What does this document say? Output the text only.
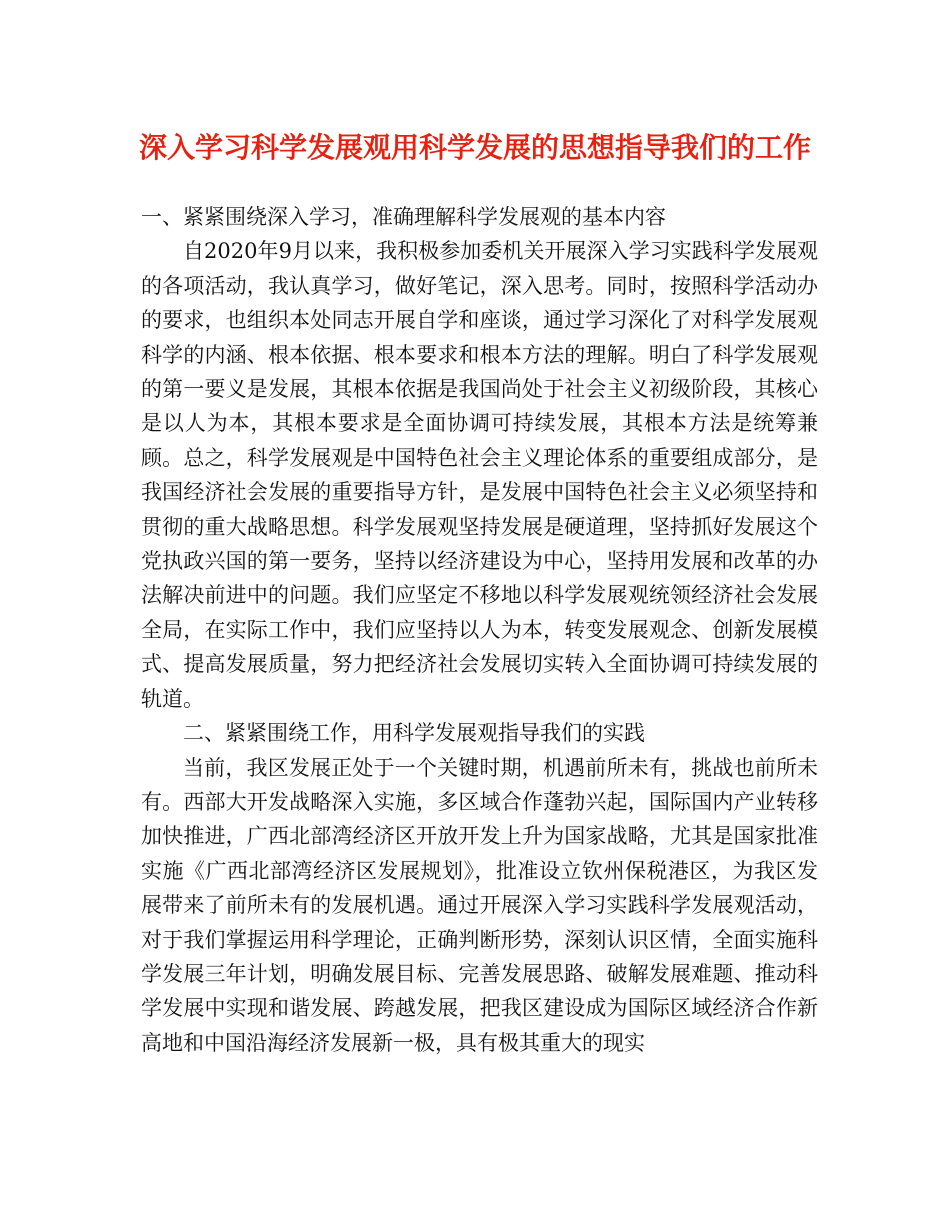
深入学习科学发展观用科学发展的思想指导我们的工作

一、紧紧围绕深入学习，准确理解科学发展观的基本内容

自2020年9月以来，我积极参加委机关开展深入学习实践科学发展观的各项活动，我认真学习，做好笔记，深入思考。同时，按照科学活动办的要求，也组织本处同志开展自学和座谈，通过学习深化了对科学发展观科学的内涵、根本依据、根本要求和根本方法的理解。明白了科学发展观的第一要义是发展，其根本依据是我国尚处于社会主义初级阶段，其核心是以人为本，其根本要求是全面协调可持续发展，其根本方法是统筹兼顾。总之，科学发展观是中国特色社会主义理论体系的重要组成部分，是我国经济社会发展的重要指导方针，是发展中国特色社会主义必须坚持和贯彻的重大战略思想。科学发展观坚持发展是硬道理，坚持抓好发展这个党执政兴国的第一要务，坚持以经济建设为中心，坚持用发展和改革的办法解决前进中的问题。我们应坚定不移地以科学发展观统领经济社会发展全局，在实际工作中，我们应坚持以人为本，转变发展观念、创新发展模式、提高发展质量，努力把经济社会发展切实转入全面协调可持续发展的轨道。

二、紧紧围绕工作，用科学发展观指导我们的实践

当前，我区发展正处于一个关键时期，机遇前所未有，挑战也前所未有。西部大开发战略深入实施，多区域合作蓬勃兴起，国际国内产业转移加快推进，广西北部湾经济区开放开发上升为国家战略，尤其是国家批准实施《广西北部湾经济区发展规划》，批准设立钦州保税港区，为我区发展带来了前所未有的发展机遇。通过开展深入学习实践科学发展观活动，对于我们掌握运用科学理论，正确判断形势，深刻认识区情，全面实施科学发展三年计划，明确发展目标、完善发展思路、破解发展难题、推动科学发展中实现和谐发展、跨越发展，把我区建设成为国际区域经济合作新高地和中国沿海经济发展新一极，具有极其重大的现实
